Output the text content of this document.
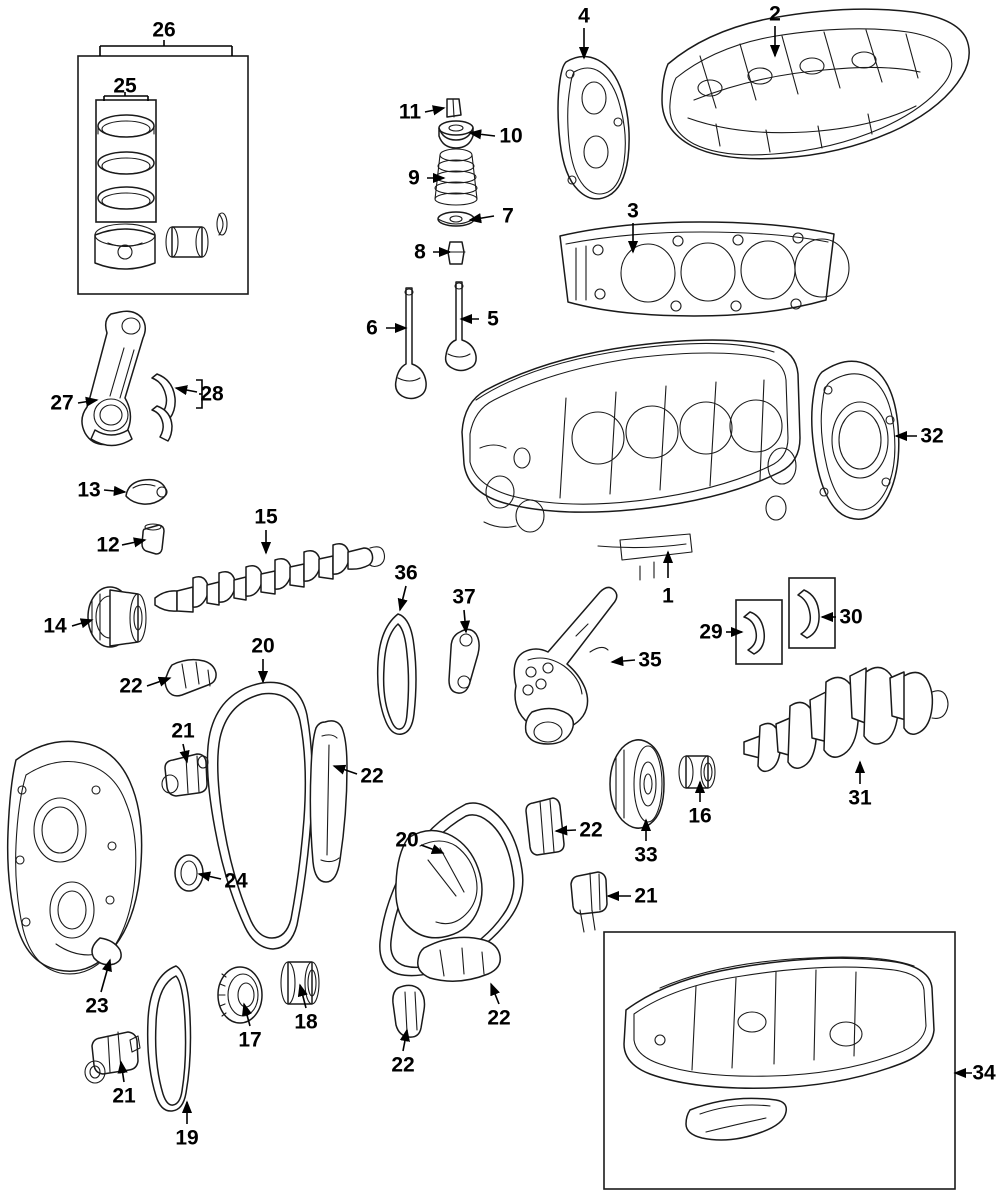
1
2
3
4
5
6
7
8
9
10
11
12
13
14
15
16
17
18
19
20
20
21
21
21
22
22
22
22
22
23
24
25
26
27	28
29
30
31
32
33
34
35
36
37
